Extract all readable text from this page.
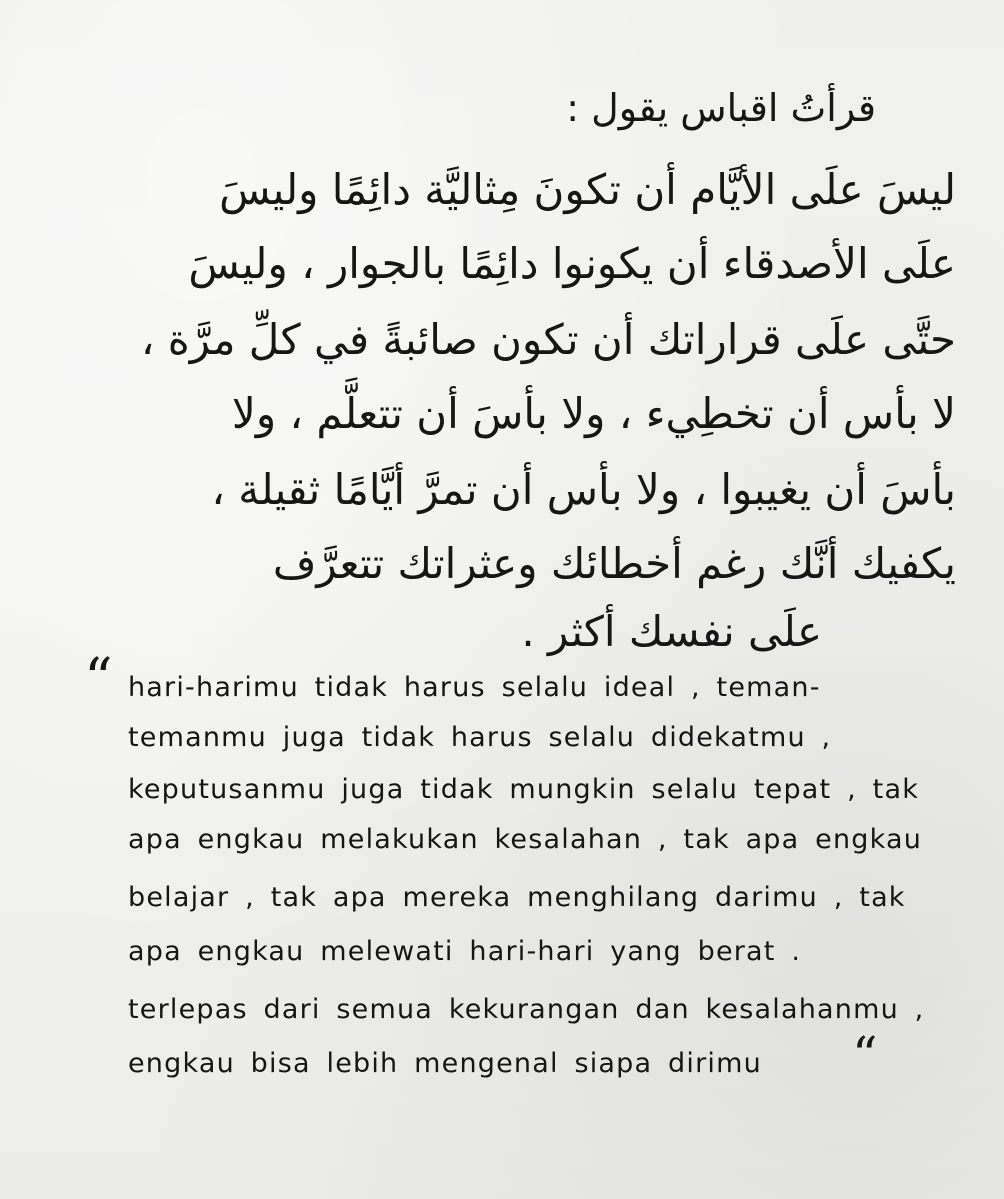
قرأتُ اقباس يقول :
ليسَ علَى الأيَّام أن تكونَ مِثاليَّة دائِمًا وليسَ
علَى الأصدقاء أن يكونوا دائِمًا بالجوار ، وليسَ
حتَّى علَى قراراتك أن تكون صائبةً في كلِّ مرَّة ،
لا بأس أن تخطِيء ، ولا بأسَ أن تتعلَّم ، ولا
بأسَ أن يغيبوا ، ولا بأس أن تمرَّ أيَّامًا ثقيلة ،
يكفيك أنَّك رغم أخطائك وعثراتك تتعرَّف
علَى نفسك أكثر .
“ hari-harimu tidak harus selalu ideal , teman-
temanmu juga tidak harus selalu didekatmu ,
keputusanmu juga tidak mungkin selalu tepat , tak
apa engkau melakukan kesalahan , tak apa engkau
belajar , tak apa mereka menghilang darimu , tak
apa engkau melewati hari-hari yang berat .
terlepas dari semua kekurangan dan kesalahanmu ,
engkau bisa lebih mengenal siapa dirimu “
